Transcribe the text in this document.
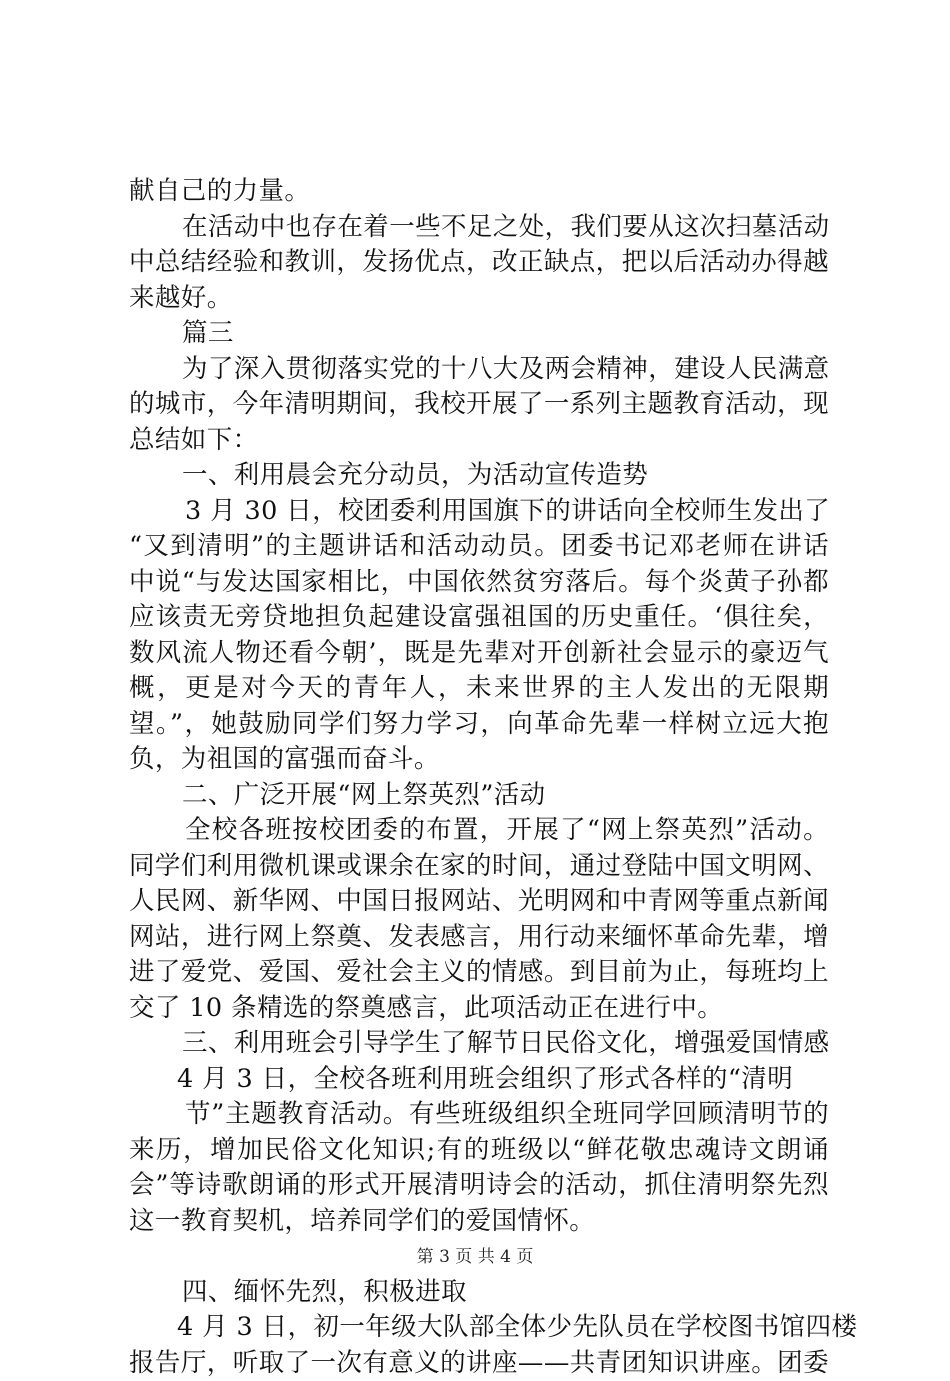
献自己的力量。
在活动中也存在着一些不足之处，我们要从这次扫墓活动
中总结经验和教训，发扬优点，改正缺点，把以后活动办得越
来越好。
篇三
为了深入贯彻落实党的十八大及两会精神，建设人民满意
的城市，今年清明期间，我校开展了一系列主题教育活动，现
总结如下：
一、利用晨会充分动员，为活动宣传造势
3 月 30 日，校团委利用国旗下的讲话向全校师生发出了
“又到清明”的主题讲话和活动动员。团委书记邓老师在讲话
中说“与发达国家相比，中国依然贫穷落后。每个炎黄子孙都
应该责无旁贷地担负起建设富强祖国的历史重任。‘俱往矣，
数风流人物还看今朝’，既是先辈对开创新社会显示的豪迈气
概，更是对今天的青年人，未来世界的主人发出的无限期
望。”，她鼓励同学们努力学习，向革命先辈一样树立远大抱
负，为祖国的富强而奋斗。
二、广泛开展“网上祭英烈”活动
全校各班按校团委的布置，开展了“网上祭英烈”活动。
同学们利用微机课或课余在家的时间，通过登陆中国文明网、
人民网、新华网、中国日报网站、光明网和中青网等重点新闻
网站，进行网上祭奠、发表感言，用行动来缅怀革命先辈，增
进了爱党、爱国、爱社会主义的情感。到目前为止，每班均上
交了 10 条精选的祭奠感言，此项活动正在进行中。
三、利用班会引导学生了解节日民俗文化，增强爱国情感
4 月 3 日，全校各班利用班会组织了形式各样的“清明
节”主题教育活动。有些班级组织全班同学回顾清明节的
来历，增加民俗文化知识;有的班级以“鲜花敬忠魂诗文朗诵
会”等诗歌朗诵的形式开展清明诗会的活动，抓住清明祭先烈
这一教育契机，培养同学们的爱国情怀。
四、缅怀先烈，积极进取
4 月 3 日，初一年级大队部全体少先队员在学校图书馆四楼
报告厅，听取了一次有意义的讲座——共青团知识讲座。团委
第 3 页 共 4 页
